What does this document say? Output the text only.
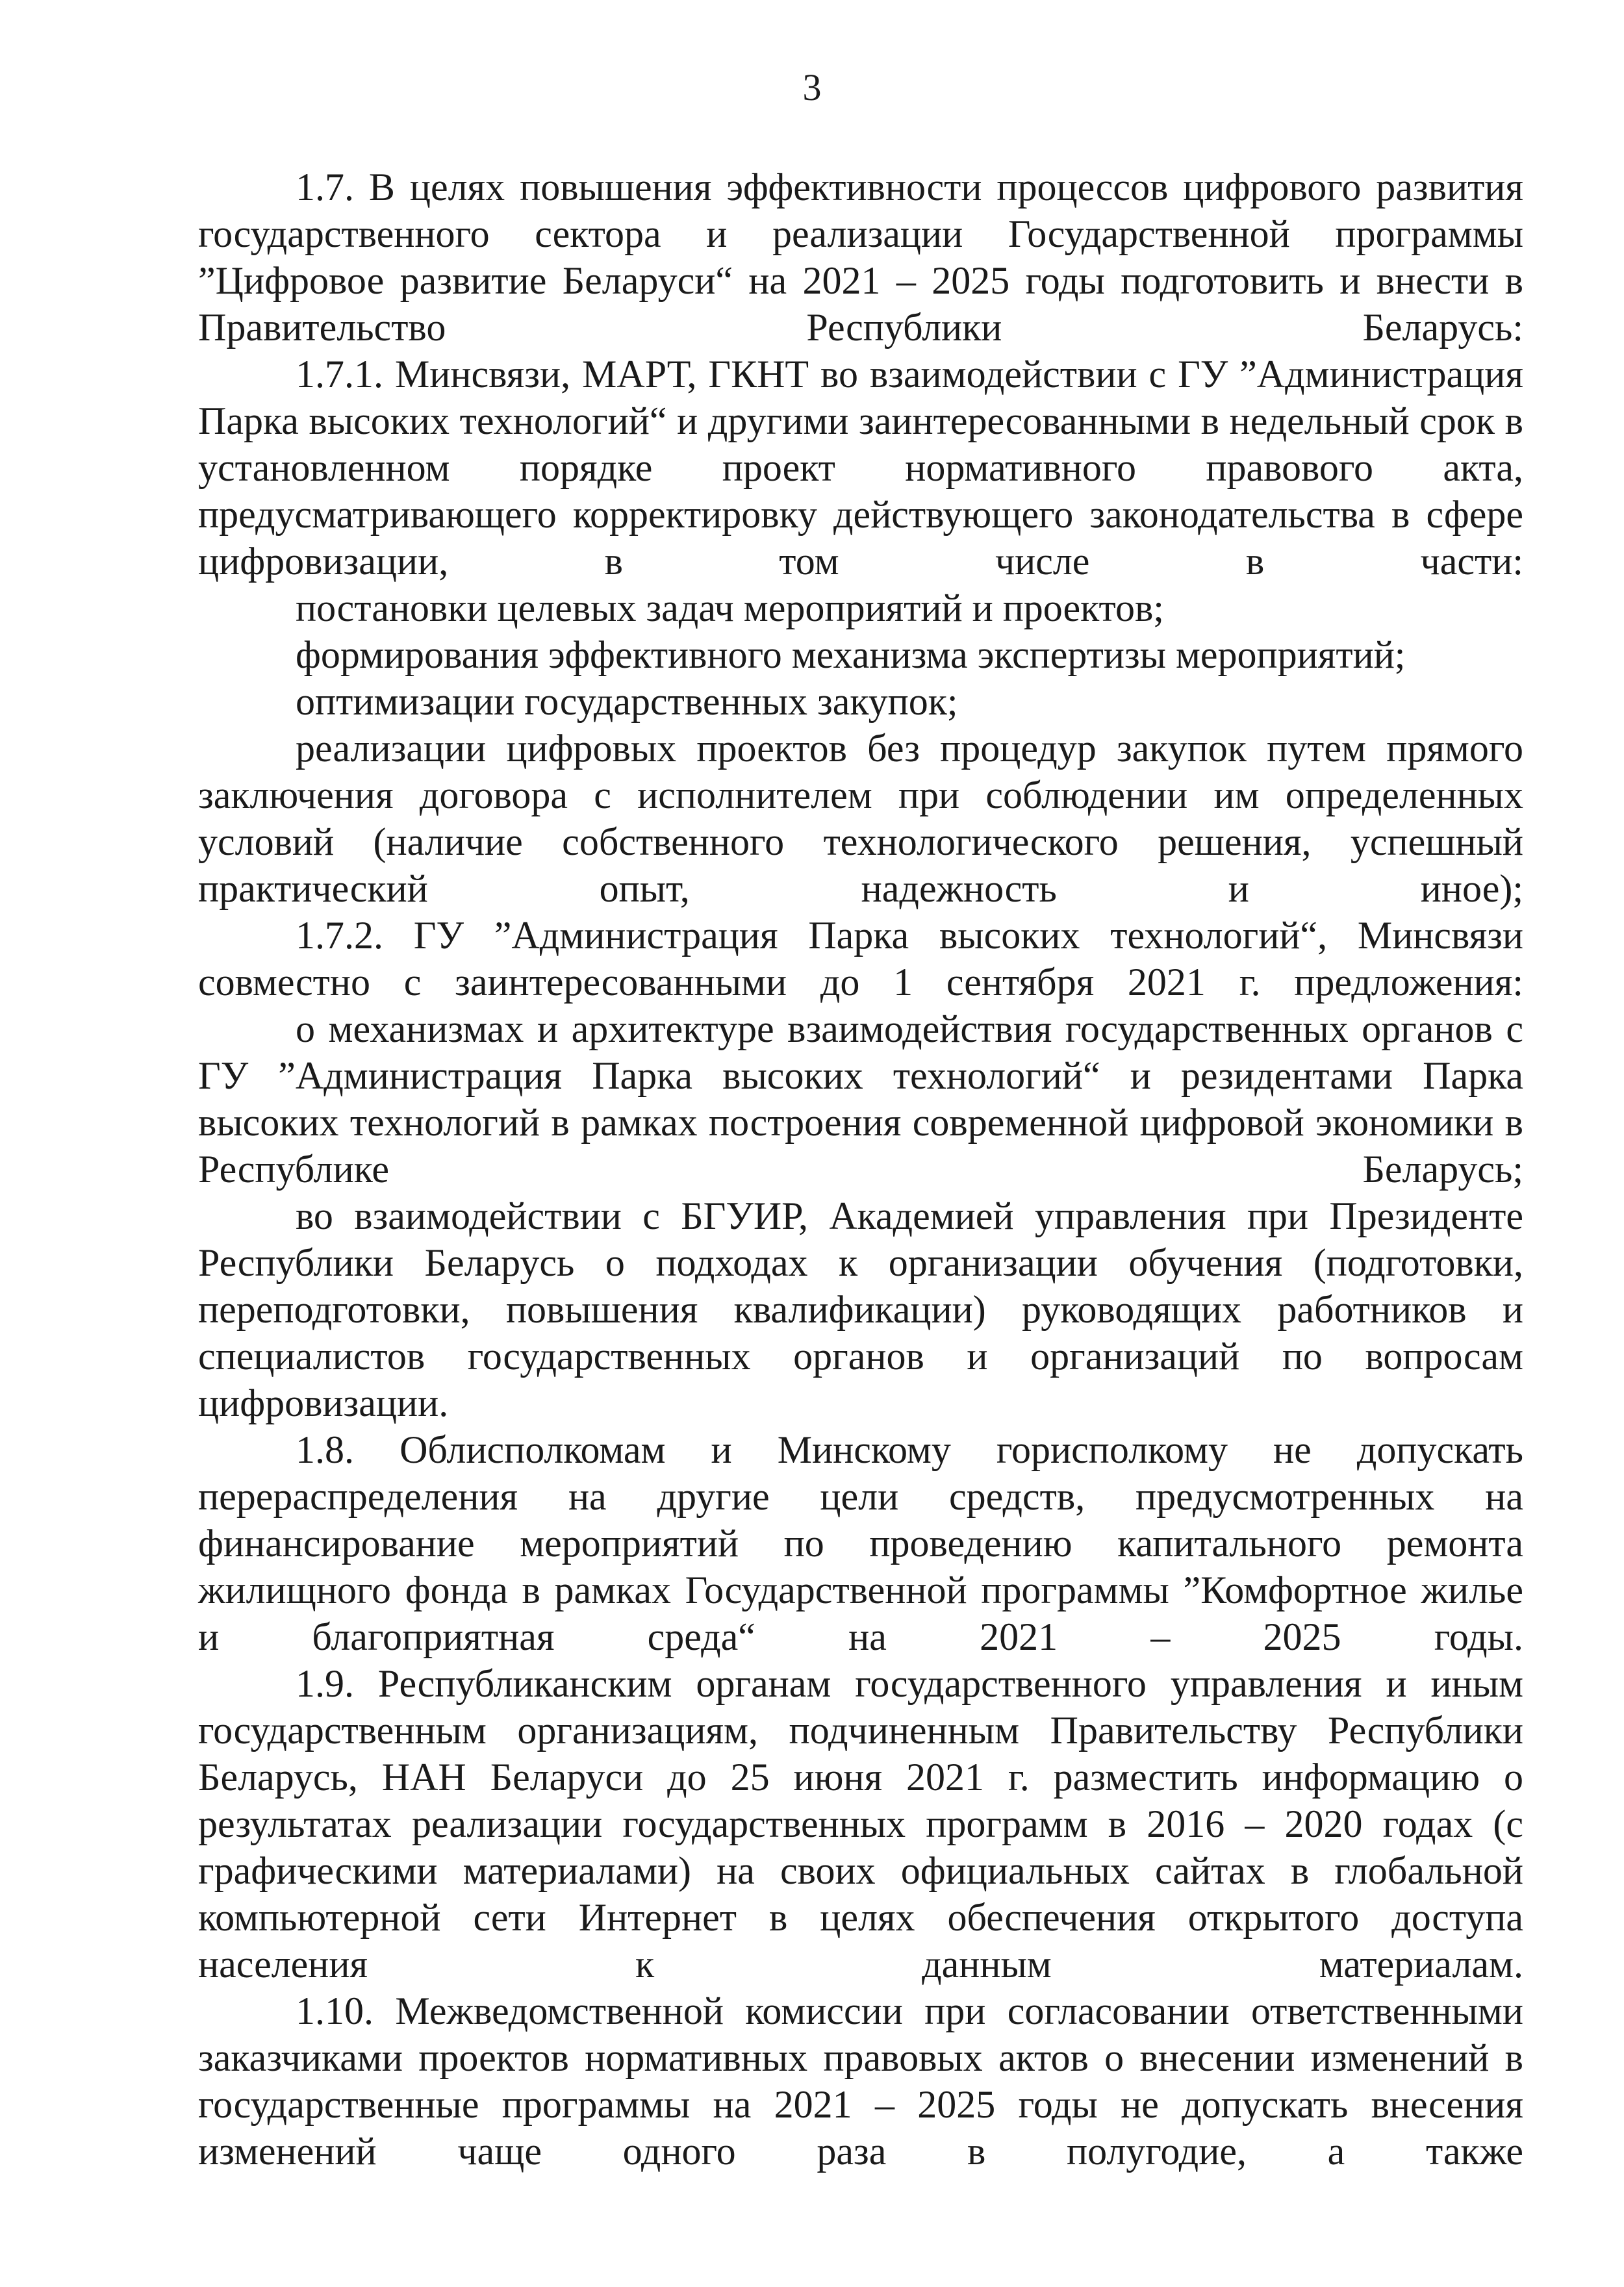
3

1.7. В целях повышения эффективности процессов цифрового развития государственного сектора и реализации Государственной программы ”Цифровое развитие Беларуси“ на 2021 – 2025 годы подготовить и внести в Правительство Республики Беларусь:

1.7.1. Минсвязи, МАРТ, ГКНТ во взаимодействии с ГУ ”Администрация Парка высоких технологий“ и другими заинтересованными в недельный срок в установленном порядке проект нормативного правового акта, предусматривающего корректировку действующего законодательства в сфере цифровизации, в том числе в части:

постановки целевых задач мероприятий и проектов;

формирования эффективного механизма экспертизы мероприятий;

оптимизации государственных закупок;

реализации цифровых проектов без процедур закупок путем прямого заключения договора с исполнителем при соблюдении им определенных условий (наличие собственного технологического решения, успешный практический опыт, надежность и иное);

1.7.2. ГУ ”Администрация Парка высоких технологий“, Минсвязи совместно с заинтересованными до 1 сентября 2021 г. предложения:

о механизмах и архитектуре взаимодействия государственных органов с ГУ ”Администрация Парка высоких технологий“ и резидентами Парка высоких технологий в рамках построения современной цифровой экономики в Республике Беларусь;

во взаимодействии с БГУИР, Академией управления при Президенте Республики Беларусь о подходах к организации обучения (подготовки, переподготовки, повышения квалификации) руководящих работников и специалистов государственных органов и организаций по вопросам цифровизации.

1.8. Облисполкомам и Минскому горисполкому не допускать перераспределения на другие цели средств, предусмотренных на финансирование мероприятий по проведению капитального ремонта жилищного фонда в рамках Государственной программы ”Комфортное жилье и благоприятная среда“ на 2021 – 2025 годы.

1.9. Республиканским органам государственного управления и иным государственным организациям, подчиненным Правительству Республики Беларусь, НАН Беларуси до 25 июня 2021 г. разместить информацию о результатах реализации государственных программ в 2016 – 2020 годах (с графическими материалами) на своих официальных сайтах в глобальной компьютерной сети Интернет в целях обеспечения открытого доступа населения к данным материалам.

1.10. Межведомственной комиссии при согласовании ответственными заказчиками проектов нормативных правовых актов о внесении изменений в государственные программы на 2021 – 2025 годы не допускать внесения изменений чаще одного раза в полугодие, а также
